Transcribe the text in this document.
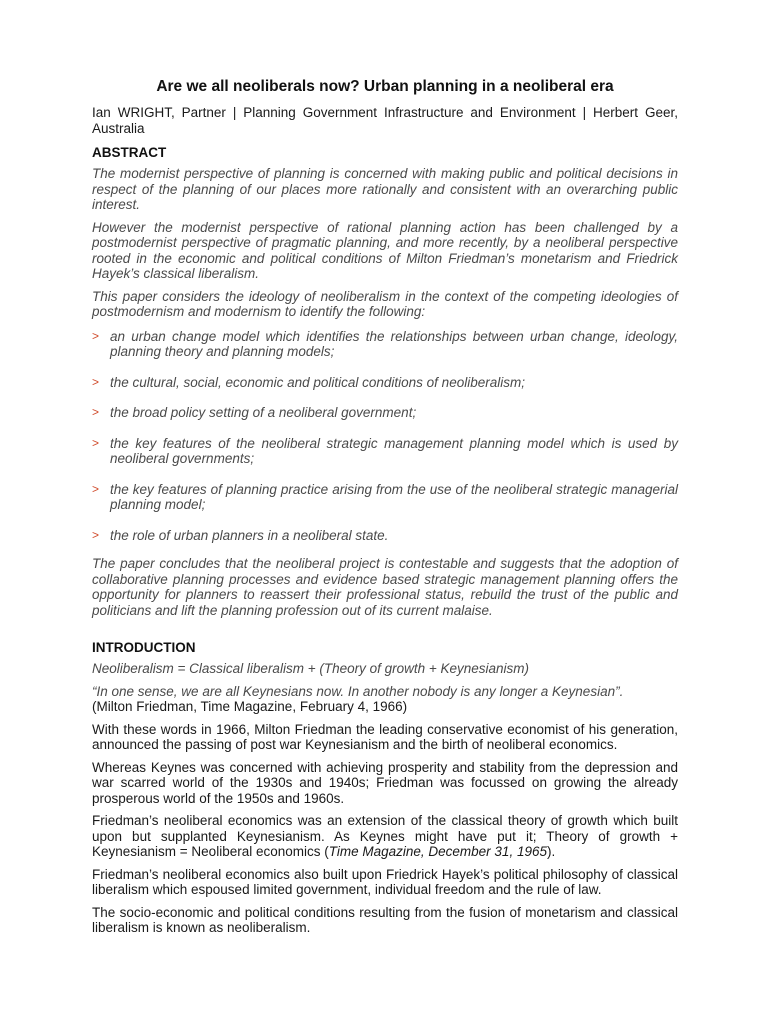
Are we all neoliberals now? Urban planning in a neoliberal era

Ian WRIGHT, Partner | Planning Government Infrastructure and Environment | Herbert Geer, Australia

ABSTRACT

The modernist perspective of planning is concerned with making public and political decisions in respect of the planning of our places more rationally and consistent with an overarching public interest.

However the modernist perspective of rational planning action has been challenged by a postmodernist perspective of pragmatic planning, and more recently, by a neoliberal perspective rooted in the economic and political conditions of Milton Friedman’s monetarism and Friedrick Hayek’s classical liberalism.

This paper considers the ideology of neoliberalism in the context of the competing ideologies of postmodernism and modernism to identify the following:

> an urban change model which identifies the relationships between urban change, ideology, planning theory and planning models;
> the cultural, social, economic and political conditions of neoliberalism;
> the broad policy setting of a neoliberal government;
> the key features of the neoliberal strategic management planning model which is used by neoliberal governments;
> the key features of planning practice arising from the use of the neoliberal strategic managerial planning model;
> the role of urban planners in a neoliberal state.

The paper concludes that the neoliberal project is contestable and suggests that the adoption of collaborative planning processes and evidence based strategic management planning offers the opportunity for planners to reassert their professional status, rebuild the trust of the public and politicians and lift the planning profession out of its current malaise.

INTRODUCTION

Neoliberalism = Classical liberalism + (Theory of growth + Keynesianism)

“In one sense, we are all Keynesians now. In another nobody is any longer a Keynesian”.

(Milton Friedman, Time Magazine, February 4, 1966)

With these words in 1966, Milton Friedman the leading conservative economist of his generation, announced the passing of post war Keynesianism and the birth of neoliberal economics.

Whereas Keynes was concerned with achieving prosperity and stability from the depression and war scarred world of the 1930s and 1940s; Friedman was focussed on growing the already prosperous world of the 1950s and 1960s.

Friedman’s neoliberal economics was an extension of the classical theory of growth which built upon but supplanted Keynesianism. As Keynes might have put it; Theory of growth + Keynesianism = Neoliberal economics (Time Magazine, December 31, 1965).

Friedman’s neoliberal economics also built upon Friedrick Hayek’s political philosophy of classical liberalism which espoused limited government, individual freedom and the rule of law.

The socio-economic and political conditions resulting from the fusion of monetarism and classical liberalism is known as neoliberalism.
